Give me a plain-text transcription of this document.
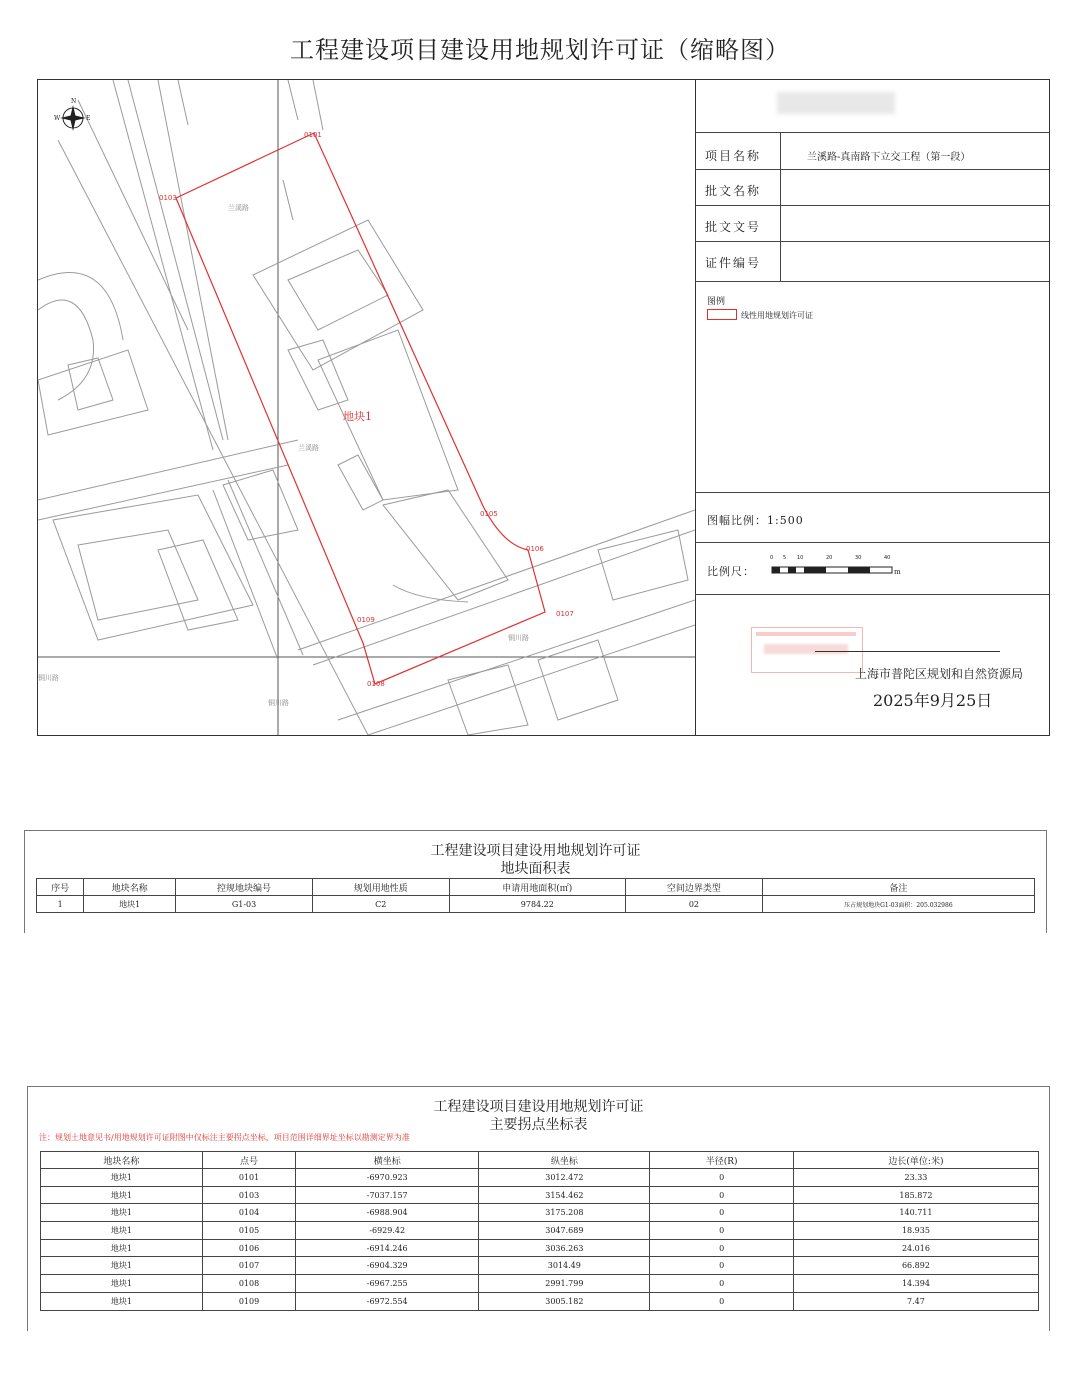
工程建设项目建设用地规划许可证（缩略图）
兰溪路
兰溪路
铜川路
铜川路
铜川路
0101
0103
0105
0106
0107
0108
0109
地块1
N
E
W
项目名称	兰溪路-真南路下立交工程（第一段）
批文名称
批文文号
证件编号
图例
线性用地规划许可证
图幅比例：1:500
比例尺：
0 5 10	20	30	40
m
上海市普陀区规划和自然资源局
2025年9月25日
工程建设项目建设用地规划许可证
地块面积表
序号	地块名称	控规地块编号	规划用地性质	申请用地面积(㎡)	空间边界类型	备注
1	地块1	G1-03	C2	9784.22	02	压占规划地块G1-03面积：205.032986
工程建设项目建设用地规划许可证
主要拐点坐标表
注：规划土地意见书/用地规划许可证附图中仅标注主要拐点坐标，项目范围详细界址坐标以勘测定界为准
地块名称	点号	横坐标	纵坐标	半径(R)	边长(单位:米)
地块1	0101	-6970.923	3012.472	0	23.33
地块1	0103	-7037.157	3154.462	0	185.872
地块1	0104	-6988.904	3175.208	0	140.711
地块1	0105	-6929.42	3047.689	0	18.935
地块1	0106	-6914.246	3036.263	0	24.016
地块1	0107	-6904.329	3014.49	0	66.892
地块1	0108	-6967.255	2991.799	0	14.394
地块1	0109	-6972.554	3005.182	0	7.47
